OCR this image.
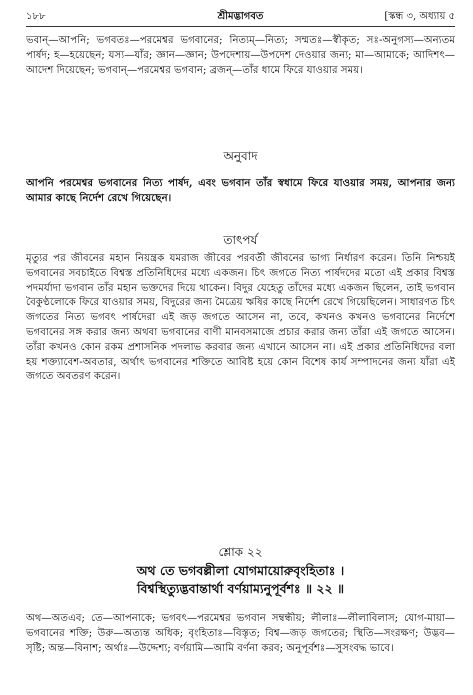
১৮৮	শ্রীমদ্ভাগবত	[স্কন্ধ ৩, অধ্যায় ৫
ভবান্—আপনি; ভগবতঃ—পরমেশ্বর ভগবানের; নিত্যম্—নিত্য; সম্মতঃ—স্বীকৃত; সঃ-অনুগস্য—অন্যতম পার্ষদ; হ—হয়েছেন; যস্য—যাঁর; জ্ঞান—জ্ঞান; উপদেশায়—উপদেশ দেওয়ার জন্য; মা—আমাকে; আদিশৎ—আদেশ দিয়েছেন; ভগবান্—পরমেশ্বর ভগবান; ব্রজন্—তাঁর ধামে ফিরে যাওয়ার সময়।
অনুবাদ
আপনি পরমেশ্বর ভগবানের নিত্য পার্ষদ, এবং ভগবান তাঁর স্বধামে ফিরে যাওয়ার সময়, আপনার জন্য আমার কাছে নির্দেশ রেখে গিয়েছেন।
তাৎপর্য

মৃত্যুর পর জীবনের মহান নিয়ন্ত্রক যমরাজ জীবের পরবর্তী জীবনের ভাগ্য নির্ধারণ করেন। তিনি নিশ্চয়ই ভগবানের সবচাইতে বিশ্বস্ত প্রতিনিধিদের মধ্যে একজন। চিৎ জগতে নিত্য পার্ষদদের মতো এই প্রকার বিশ্বস্ত পদমর্যাদা ভগবান তাঁর মহান ভক্তদের দিয়ে থাকেন। বিদুর যেহেতু তাঁদের মধ্যে একজন ছিলেন, তাই ভগবান বৈকুণ্ঠলোকে ফিরে যাওয়ার সময়, বিদুরের জন্য মৈত্রেয় ঋষির কাছে নির্দেশ রেখে গিয়েছিলেন। সাধারণত চিৎ জগতের নিত্য ভগবৎ পার্ষদেরা এই জড় জগতে আসেন না, তবে, কখনও কখনও ভগবানের নির্দেশে ভগবানের সঙ্গ করার জন্য অথবা ভগবানের বাণী মানবসমাজে প্রচার করার জন্য তাঁরা এই জগতে আসেন। তাঁরা কখনও কোন রকম প্রশাসনিক পদলাভ করবার জন্য এখানে আসেন না। এই প্রকার প্রতিনিধিদের বলা হয় শক্ত্যাবেশ-অবতার, অর্থাৎ ভগবানের শক্তিতে আবিষ্ট হয়ে কোন বিশেষ কার্য সম্পাদনের জন্য যাঁরা এই জগতে অবতরণ করেন।

শ্লোক ২২
অথ তে ভগবল্লীলা যোগমায়োরুবৃংহিতাঃ ।
বিশ্বস্থিত্যুদ্ভবান্তার্থা বর্ণয়াম্যনুপূর্বশঃ ॥ ২২ ॥
অথ—অতএব; তে—আপনাকে; ভগবৎ—পরমেশ্বর ভগবান সম্বন্ধীয়; লীলাঃ—লীলাবিলাস; যোগ-মায়া—ভগবানের শক্তি; উরু—অত্যন্ত অধিক; বৃংহিতাঃ—বিস্তৃত; বিশ্ব—জড় জগতের; স্থিতি—সংরক্ষণ; উদ্ভব—সৃষ্টি; অন্ত—বিনাশ; অর্থাঃ—উদ্দেশ্য; বর্ণয়ামি—আমি বর্ণনা করব; অনুপূর্বশঃ—সুসংবদ্ধ ভাবে।
